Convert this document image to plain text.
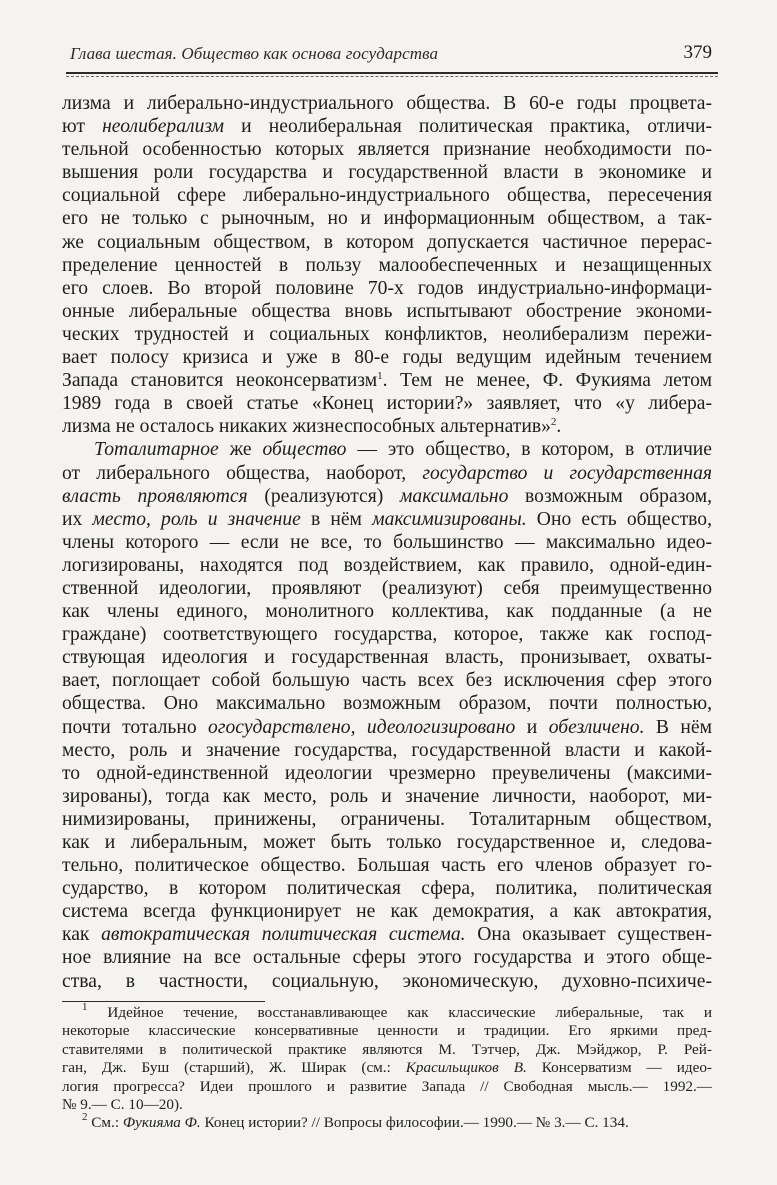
Глава шестая. Общество как основа государства	379
лизма и либерально-индустриального общества. В 60-е годы процвета-
ют неолиберализм и неолиберальная политическая практика, отличи-
тельной особенностью которых является признание необходимости по-
вышения роли государства и государственной власти в экономике и
социальной сфере либерально-индустриального общества, пересечения
его не только с рыночным, но и информационным обществом, а так-
же социальным обществом, в котором допускается частичное перерас-
пределение ценностей в пользу малообеспеченных и незащищенных
его слоев. Во второй половине 70-х годов индустриально-информаци-
онные либеральные общества вновь испытывают обострение экономи-
ческих трудностей и социальных конфликтов, неолиберализм пережи-
вает полосу кризиса и уже в 80-е годы ведущим идейным течением
Запада становится неоконсерватизм$^1$. Тем не менее, Ф. Фукияма летом
1989 года в своей статье «Конец истории?» заявляет, что «у либера-
лизма не осталось никаких жизнеспособных альтернатив»$^2$.
Тоталитарное же общество — это общество, в котором, в отличие
от либерального общества, наоборот, государство и государственная
власть проявляются (реализуются) максимально возможным образом,
их место, роль и значение в нём максимизированы. Оно есть общество,
члены которого — если не все, то большинство — максимально идео-
логизированы, находятся под воздействием, как правило, одной-един-
ственной идеологии, проявляют (реализуют) себя преимущественно
как члены единого, монолитного коллектива, как подданные (а не
граждане) соответствующего государства, которое, также как господ-
ствующая идеология и государственная власть, пронизывает, охваты-
вает, поглощает собой большую часть всех без исключения сфер этого
общества. Оно максимально возможным образом, почти полностью,
почти тотально огосударствлено, идеологизировано и обезличено. В нём
место, роль и значение государства, государственной власти и какой-
то одной-единственной идеологии чрезмерно преувеличены (максими-
зированы), тогда как место, роль и значение личности, наоборот, ми-
нимизированы, принижены, ограничены. Тоталитарным обществом,
как и либеральным, может быть только государственное и, следова-
тельно, политическое общество. Большая часть его членов образует го-
сударство, в котором политическая сфера, политика, политическая
система всегда функционирует не как демократия, а как автократия,
как автократическая политическая система. Она оказывает существен-
ное влияние на все остальные сферы этого государства и этого обще-
ства, в частности, социальную, экономическую, духовно-психиче-
$^1$ Идейное течение, восстанавливающее как классические либеральные, так и
некоторые классические консервативные ценности и традиции. Его яркими пред-
ставителями в политической практике являются М. Тэтчер, Дж. Мэйджор, Р. Рей-
ган, Дж. Буш (старший), Ж. Ширак (см.: Красильщиков В. Консерватизм — идео-
логия прогресса? Идеи прошлого и развитие Запада // Свободная мысль.— 1992.—
№ 9.— С. 10—20).
$^2$ См.: Фукияма Ф. Конец истории? // Вопросы философии.— 1990.— № 3.— С. 134.
